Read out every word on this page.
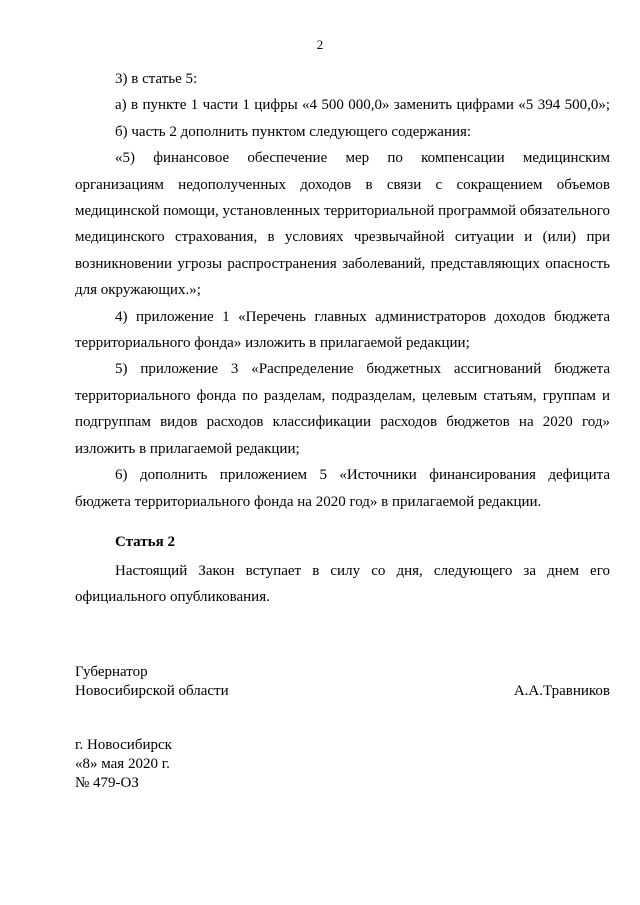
2

3) в статье 5:

а) в пункте 1 части 1 цифры «4 500 000,0» заменить цифрами «5 394 500,0»;

б) часть 2 дополнить пунктом следующего содержания:

«5) финансовое обеспечение мер по компенсации медицинским организациям недополученных доходов в связи с сокращением объемов медицинской помощи, установленных территориальной программой обязательного медицинского страхования, в условиях чрезвычайной ситуации и (или) при возникновении угрозы распространения заболеваний, представляющих опасность для окружающих.»;

4) приложение 1 «Перечень главных администраторов доходов бюджета территориального фонда» изложить в прилагаемой редакции;

5) приложение 3 «Распределение бюджетных ассигнований бюджета территориального фонда по разделам, подразделам, целевым статьям, группам и подгруппам видов расходов классификации расходов бюджетов на 2020 год» изложить в прилагаемой редакции;

6) дополнить приложением 5 «Источники финансирования дефицита бюджета территориального фонда на 2020 год» в прилагаемой редакции.

Статья 2

Настоящий Закон вступает в силу со дня, следующего за днем его официального опубликования.

Губернатор
Новосибирской области	А.А.Травников
г. Новосибирск
«8» мая 2020 г.
№ 479-ОЗ
